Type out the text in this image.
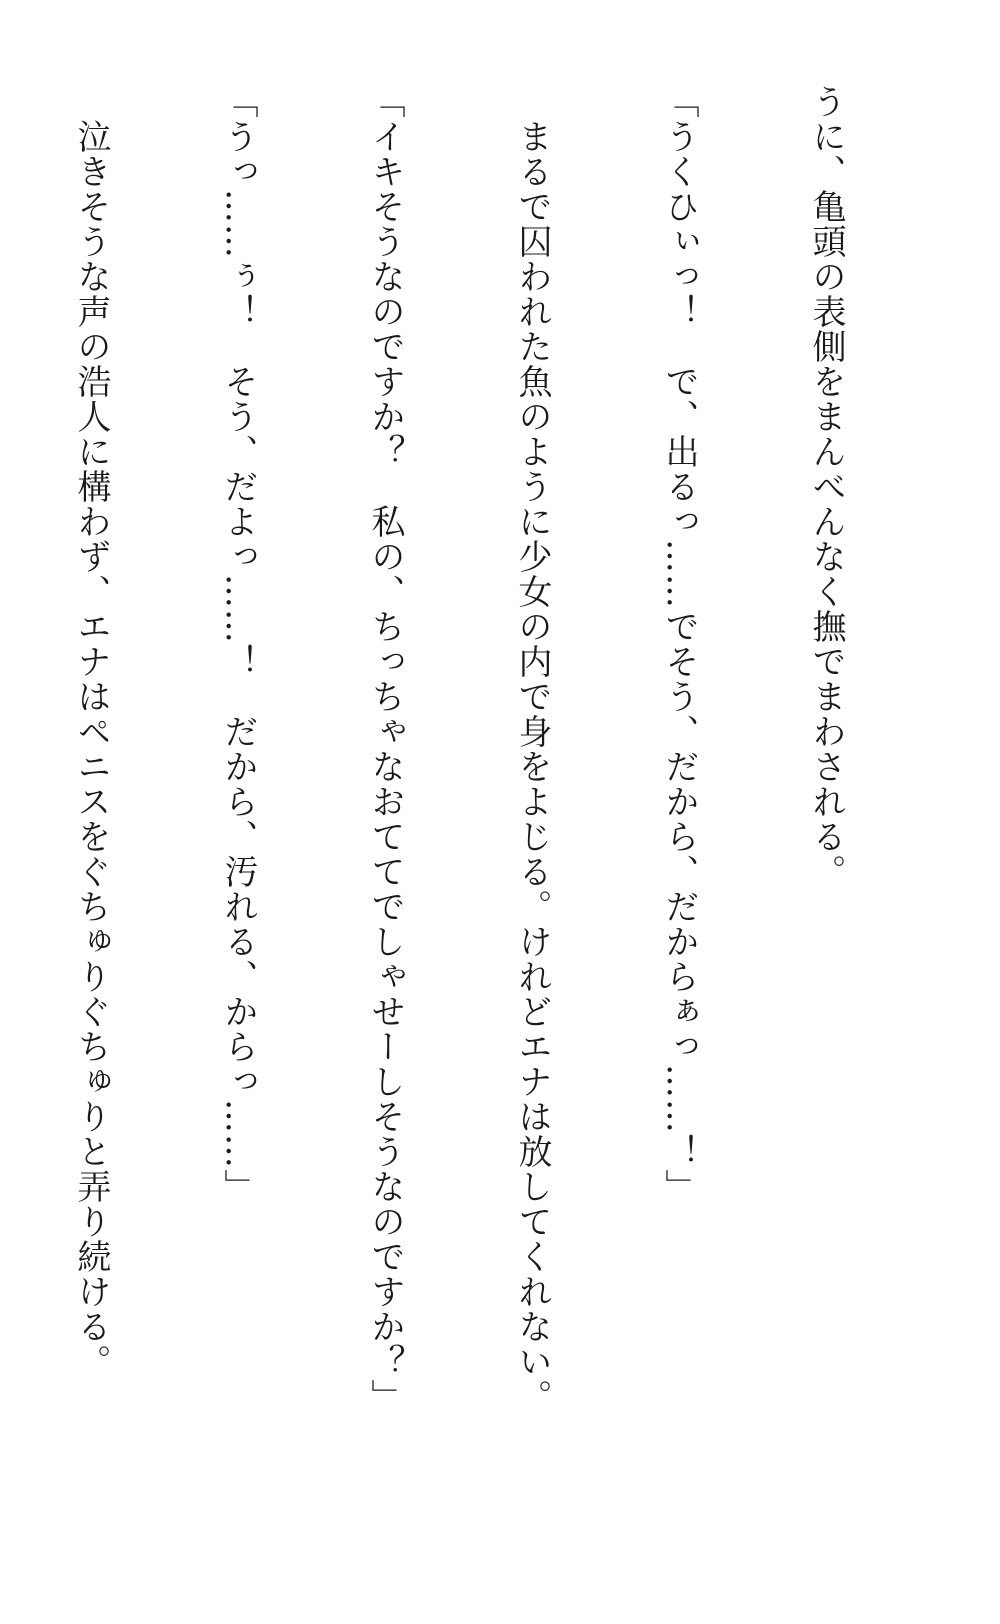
うに、亀頭の表側をまんべんなく撫でまわされる。

「うくひぃっ！　で、出るっ……でそう、だから、だからぁっ……！」

　まるで囚われた魚のように少女の内で身をよじる。けれどエナは放してくれない。

「イキそうなのですか？　私の、ちっちゃなおててでしゃせーしそうなのですか？」

「うっ……ぅ！　そう、だよっ……！　だから、汚れる、からっ……」

　泣きそうな声の浩人に構わず、エナはペニスをぐちゅりぐちゅりと弄り続ける。
